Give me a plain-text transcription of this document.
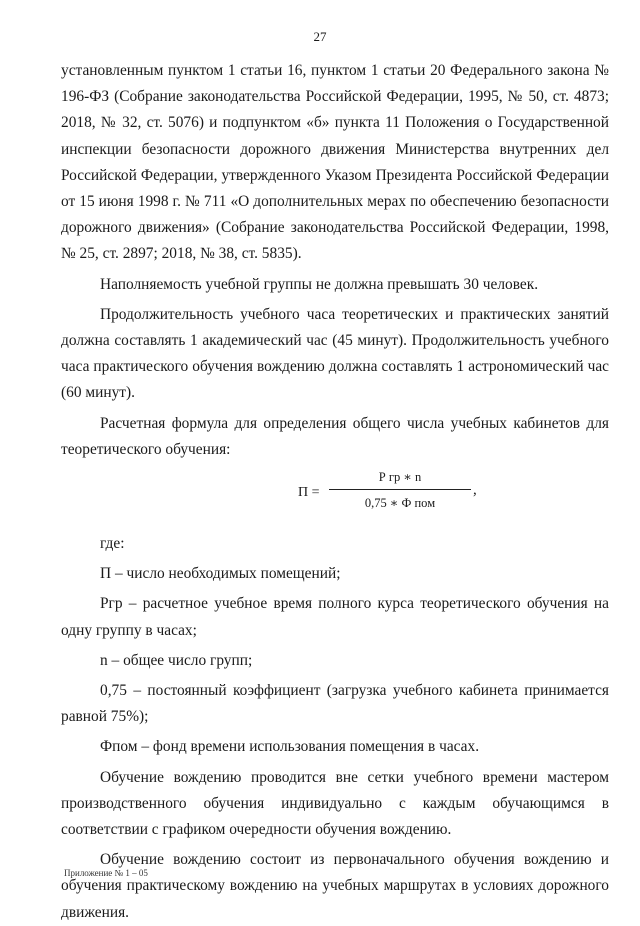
27

установленным пунктом 1 статьи 16, пунктом 1 статьи 20 Федерального закона № 196-ФЗ (Собрание законодательства Российской Федерации, 1995, № 50, ст. 4873; 2018, № 32, ст. 5076) и подпунктом «б» пункта 11 Положения о Государственной инспекции безопасности дорожного движения Министерства внутренних дел Российской Федерации, утвержденного Указом Президента Российской Федерации от 15 июня 1998 г. № 711 «О дополнительных мерах по обеспечению безопасности дорожного движения» (Собрание законодательства Российской Федерации, 1998, № 25, ст. 2897; 2018, № 38, ст. 5835).

Наполняемость учебной группы не должна превышать 30 человек.

Продолжительность учебного часа теоретических и практических занятий должна составлять 1 академический час (45 минут). Продолжительность учебного часа практического обучения вождению должна составлять 1 астрономический час (60 минут).

Расчетная формула для определения общего числа учебных кабинетов для теоретического обучения:

П =
Р гр ∗ n
0,75 ∗ Ф пом
,

где:

П – число необходимых помещений;

Ргр – расчетное учебное время полного курса теоретического обучения на одну группу в часах;

n – общее число групп;

0,75 – постоянный коэффициент (загрузка учебного кабинета принимается равной 75%);

Фпом – фонд времени использования помещения в часах.

Обучение вождению проводится вне сетки учебного времени мастером производственного обучения индивидуально с каждым обучающимся в соответствии с графиком очередности обучения вождению.

Обучение вождению состоит из первоначального обучения вождению и обучения практическому вождению на учебных маршрутах в условиях дорожного движения.

Приложение № 1 – 05
